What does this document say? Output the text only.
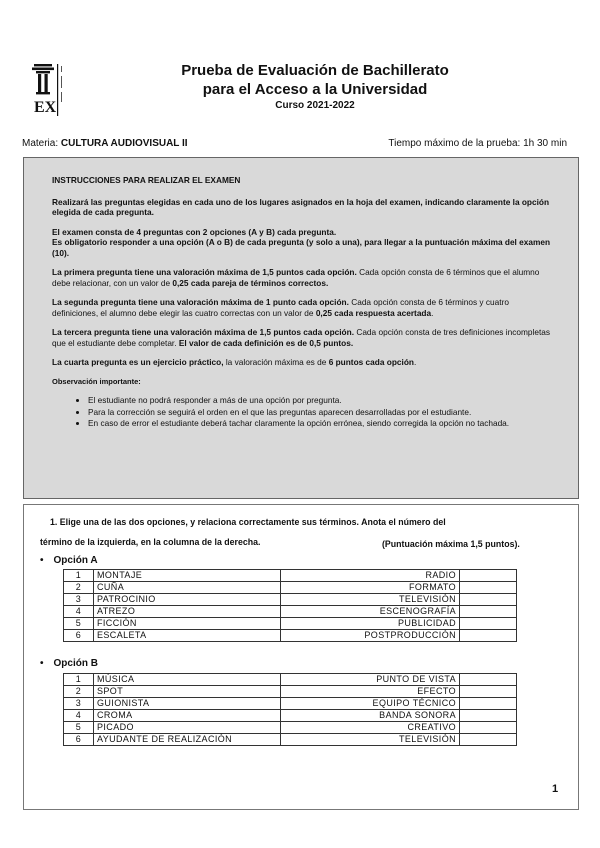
EX
Prueba de Evaluación de Bachillerato
para el Acceso a la Universidad
Curso 2021-2022
Materia: CULTURA AUDIOVISUAL II	Tiempo máximo de la prueba: 1h 30 min

INSTRUCCIONES PARA REALIZAR EL EXAMEN

Realizará las preguntas elegidas en cada uno de los lugares asignados en la hoja del examen, indicando claramente la opción elegida de cada pregunta.

El examen consta de 4 preguntas con 2 opciones (A y B) cada pregunta.

Es obligatorio responder a una opción (A o B) de cada pregunta (y solo a una), para llegar a la puntuación máxima del examen (10).

La primera pregunta tiene una valoración máxima de 1,5 puntos cada opción. Cada opción consta de 6 términos que el alumno debe relacionar, con un valor de 0,25 cada pareja de términos correctos.

La segunda pregunta tiene una valoración máxima de 1 punto cada opción. Cada opción consta de 6 términos y cuatro definiciones, el alumno debe elegir las cuatro correctas con un valor de 0,25 cada respuesta acertada.

La tercera pregunta tiene una valoración máxima de 1,5 puntos cada opción. Cada opción consta de tres definiciones incompletas que el estudiante debe completar. El valor de cada definición es de 0,5 puntos.

La cuarta pregunta es un ejercicio práctico, la valoración máxima es de 6 puntos cada opción.

Observación importante:

• El estudiante no podrá responder a más de una opción por pregunta.
• Para la corrección se seguirá el orden en el que las preguntas aparecen desarrolladas por el estudiante.
• En caso de error el estudiante deberá tachar claramente la opción errónea, siendo corregida la opción no tachada.
1. Elige una de las dos opciones, y relaciona correctamente sus términos. Anota el número del
término de la izquierda, en la columna de la derecha.	(Puntuación máxima 1,5 puntos).
• Opción A
1	MONTAJE	RADIO	
2	CUÑA	FORMATO	
3	PATROCINIO	TELEVISIÓN	
4	ATREZO	ESCENOGRAFÍA	
5	FICCIÓN	PUBLICIDAD	
6	ESCALETA	POSTPRODUCCIÓN	
• Opción B
1	MÚSICA	PUNTO DE VISTA	
2	SPOT	EFECTO	
3	GUIONISTA	EQUIPO TÉCNICO	
4	CROMA	BANDA SONORA	
5	PICADO	CREATIVO	
6	AYUDANTE DE REALIZACIÓN	TELEVISIÓN	
1
